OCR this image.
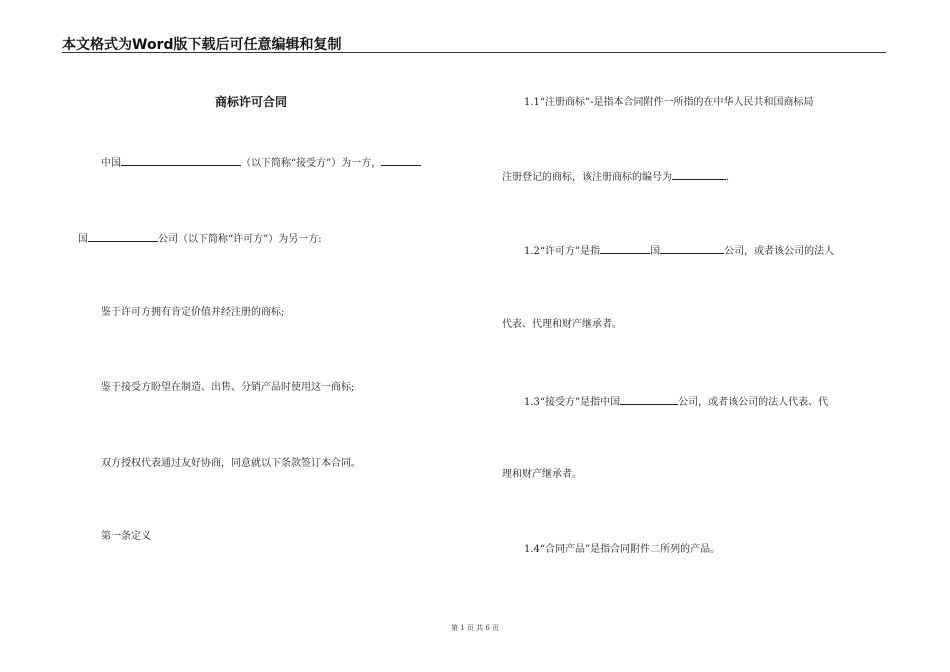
本文格式为Word版下载后可任意编辑和复制
商标许可合同
中国	（以下简称“接受方”）为一方，
国	公司（以下简称“许可方”）为另一方:
鉴于许可方拥有肯定价值并经注册的商标;
鉴于接受方盼望在制造、出售、分销产品时使用这一商标;
双方授权代表通过友好协商，同意就以下条款签订本合同。
第一条定义
1.1“注册商标”-是指本合同附件一所指的在中华人民共和国商标局
注册登记的商标，该注册商标的编号为	.
1.2“许可方”是指	国	公司，或者该公司的法人
代表、代理和财产继承者。
1.3“接受方”是指中国	公司，或者该公司的法人代表、代
理和财产继承者。
1.4“合同产品”是指合同附件二所列的产品。
第 1 页 共 6 页
